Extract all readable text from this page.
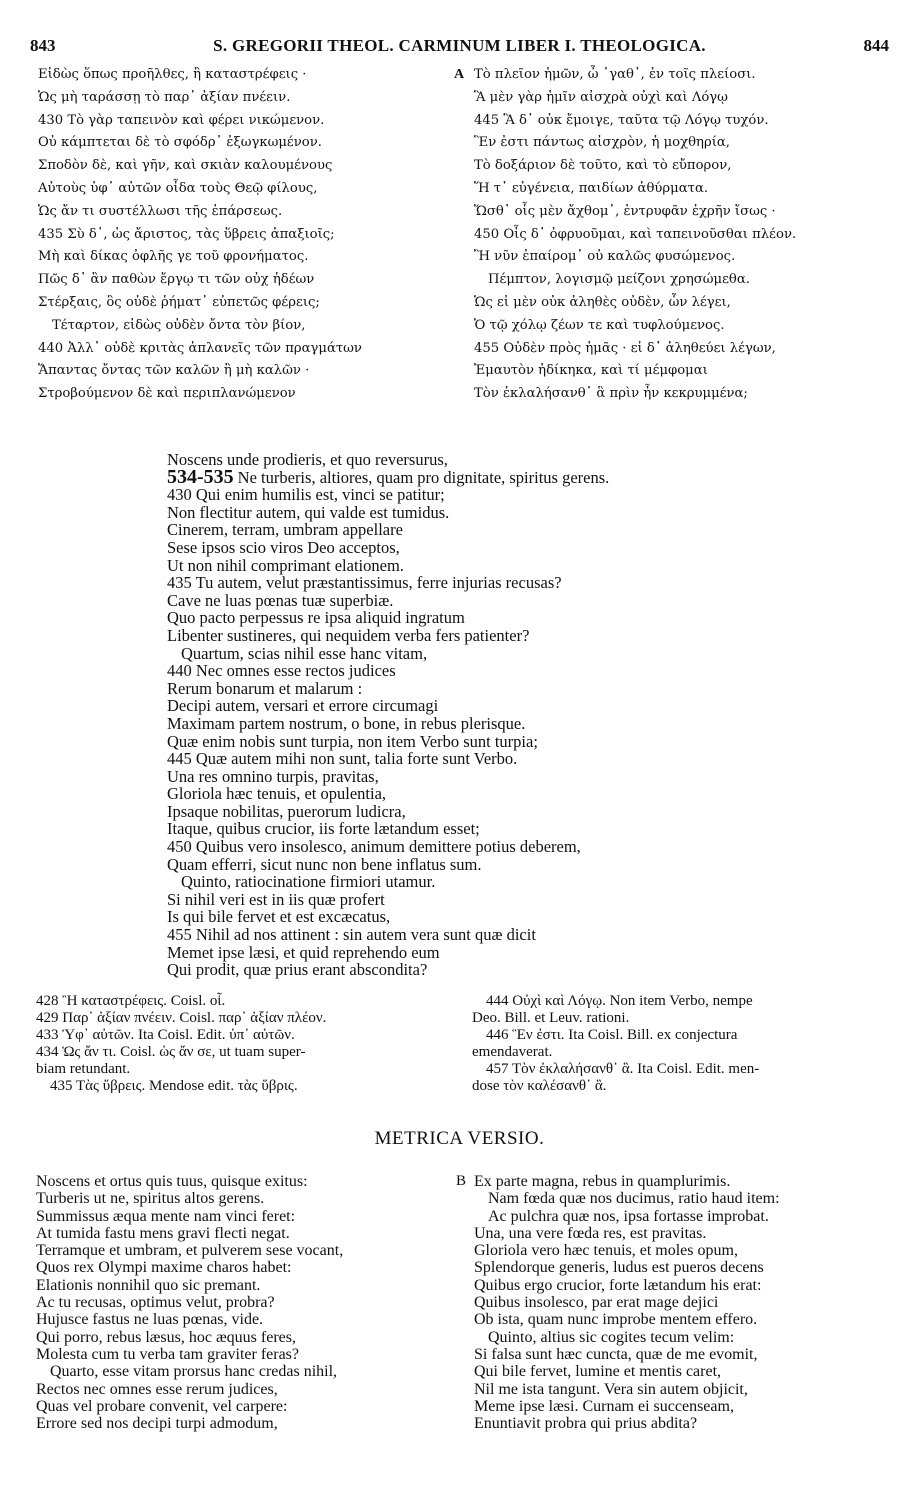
843	S. GREGORII THEOL. CARMINUM LIBER I. THEOLOGICA.	844
Εἰδὼς ὅπως προῆλθες, ἢ καταστρέφεις ·
Ὡς μὴ ταράσσῃ τὸ παρ᾽ ἀξίαν πνέειν.
430 Τὸ γὰρ ταπεινὸν καὶ φέρει νικώμενον.
Οὐ κάμπτεται δὲ τὸ σφόδρ᾽ ἐξωγκωμένον.
Σποδὸν δὲ, καὶ γῆν, καὶ σκιὰν καλουμένους
Αὐτοὺς ὑφ᾽ αὐτῶν οἶδα τοὺς Θεῷ φίλους,
Ὡς ἄν τι συστέλλωσι τῆς ἐπάρσεως.
435 Σὺ δ᾽, ὡς ἄριστος, τὰς ὕβρεις ἀπαξιοῖς;
Μὴ καὶ δίκας ὀφλῆς γε τοῦ φρονήματος.
Πῶς δ᾽ ἂν παθὼν ἔργῳ τι τῶν οὐχ ἡδέων
Στέρξαις, ὃς οὐδὲ ῥήματ᾽ εὐπετῶς φέρεις;
Τέταρτον, εἰδὼς οὐδὲν ὄντα τὸν βίον,
440 Ἀλλ᾽ οὐδὲ κριτὰς ἀπλανεῖς τῶν πραγμάτων
Ἅπαντας ὄντας τῶν καλῶν ἢ μὴ καλῶν ·
Στροβούμενον δὲ καὶ περιπλανώμενον
A Τὸ πλεῖον ἡμῶν, ὦ ᾽γαθ᾽, ἐν τοῖς πλείοσι.
Ἃ μὲν γὰρ ἡμῖν αἰσχρὰ οὐχὶ καὶ Λόγῳ
445 Ἃ δ᾽ οὐκ ἔμοιγε, ταῦτα τῷ Λόγῳ τυχόν.
Ἓν ἐστι πάντως αἰσχρὸν, ἡ μοχθηρία,
Τὸ δοξάριον δὲ τοῦτο, καὶ τὸ εὔπορον,
Ἥ τ᾽ εὐγένεια, παιδίων ἀθύρματα.
Ὥσθ᾽ οἷς μὲν ἄχθομ᾽, ἐντρυφᾶν ἐχρῆν ἴσως ·
450 Οἷς δ᾽ ὀφρυοῦμαι, καὶ ταπεινοῦσθαι πλέον.
Ἢ νῦν ἐπαίρομ᾽ οὐ καλῶς φυσώμενος.
Πέμπτον, λογισμῷ μείζονι χρησώμεθα.
Ὡς εἰ μὲν οὐκ ἀληθὲς οὐδὲν, ὧν λέγει,
Ὁ τῷ χόλῳ ζέων τε καὶ τυφλούμενος.
455 Οὐδὲν πρὸς ἡμᾶς · εἰ δ᾽ ἀληθεύει λέγων,
Ἐμαυτὸν ἠδίκηκα, καὶ τί μέμφομαι
Τὸν ἐκλαλήσανθ᾽ ἃ πρὶν ἦν κεκρυμμένα;
Noscens unde prodieris, et quo reversurus,
534-535 Ne turberis, altiores, quam pro dignitate, spiritus gerens.
430 Qui enim humilis est, vinci se patitur;
Non flectitur autem, qui valde est tumidus.
Cinerem, terram, umbram appellare
Sese ipsos scio viros Deo acceptos,
Ut non nihil comprimant elationem.
435 Tu autem, velut præstantissimus, ferre injurias recusas?
Cave ne luas pœnas tuæ superbiæ.
Quo pacto perpessus re ipsa aliquid ingratum
Libenter sustineres, qui nequidem verba fers patienter?
Quartum, scias nihil esse hanc vitam,
440 Nec omnes esse rectos judices
Rerum bonarum et malarum :
Decipi autem, versari et errore circumagi
Maximam partem nostrum, o bone, in rebus plerisque.
Quæ enim nobis sunt turpia, non item Verbo sunt turpia;
445 Quæ autem mihi non sunt, talia forte sunt Verbo.
Una res omnino turpis, pravitas,
Gloriola hæc tenuis, et opulentia,
Ipsaque nobilitas, puerorum ludicra,
Itaque, quibus crucior, iis forte lætandum esset;
450 Quibus vero insolesco, animum demittere potius deberem,
Quam efferri, sicut nunc non bene inflatus sum.
Quinto, ratiocinatione firmiori utamur.
Si nihil veri est in iis quæ profert
Is qui bile fervet et est excæcatus,
455 Nihil ad nos attinent : sin autem vera sunt quæ dicit
Memet ipse læsi, et quid reprehendo eum
Qui prodit, quæ prius erant abscondita?
428 Ἢ καταστρέφεις. Coisl. οἷ.
429 Παρ᾽ ἀξίαν πνέειν. Coisl. παρ᾽ ἀξίαν πλέον.
433 Ὑφ᾽ αὐτῶν. Ita Coisl. Edit. ὑπ᾽ αὐτῶν.
434 Ὡς ἄν τι. Coisl. ὡς ἄν σε, ut tuam super-
biam retundant.
435 Τὰς ὕβρεις. Mendose edit. τὰς ὕβρις.
444 Οὐχὶ καὶ Λόγῳ. Non item Verbo, nempe
Deo. Bill. et Leuv. rationi.
446 Ἓν ἐστι. Ita Coisl. Bill. ex conjectura
emendaverat.
457 Τὸν ἐκλαλήσανθ᾽ ἃ. Ita Coisl. Edit. men-
dose τὸν καλέσανθ᾽ ἃ.
METRICA VERSIO.
Noscens et ortus quis tuus, quisque exitus:
Turberis ut ne, spiritus altos gerens.
Summissus æqua mente nam vinci feret:
At tumida fastu mens gravi flecti negat.
Terramque et umbram, et pulverem sese vocant,
Quos rex Olympi maxime charos habet:
Elationis nonnihil quo sic premant.
Ac tu recusas, optimus velut, probra?
Hujusce fastus ne luas pœnas, vide.
Qui porro, rebus læsus, hoc æquus feres,
Molesta cum tu verba tam graviter feras?
Quarto, esse vitam prorsus hanc credas nihil,
Rectos nec omnes esse rerum judices,
Quas vel probare convenit, vel carpere:
Errore sed nos decipi turpi admodum,
B Ex parte magna, rebus in quamplurimis.
Nam fœda quæ nos ducimus, ratio haud item:
Ac pulchra quæ nos, ipsa fortasse improbat.
Una, una vere fœda res, est pravitas.
Gloriola vero hæc tenuis, et moles opum,
Splendorque generis, ludus est pueros decens
Quibus ergo crucior, forte lætandum his erat:
Quibus insolesco, par erat mage dejici
Ob ista, quam nunc improbe mentem effero.
Quinto, altius sic cogites tecum velim:
Si falsa sunt hæc cuncta, quæ de me evomit,
Qui bile fervet, lumine et mentis caret,
Nil me ista tangunt. Vera sin autem objicit,
Meme ipse læsi. Curnam ei succenseam,
Enuntiavit probra qui prius abdita?
